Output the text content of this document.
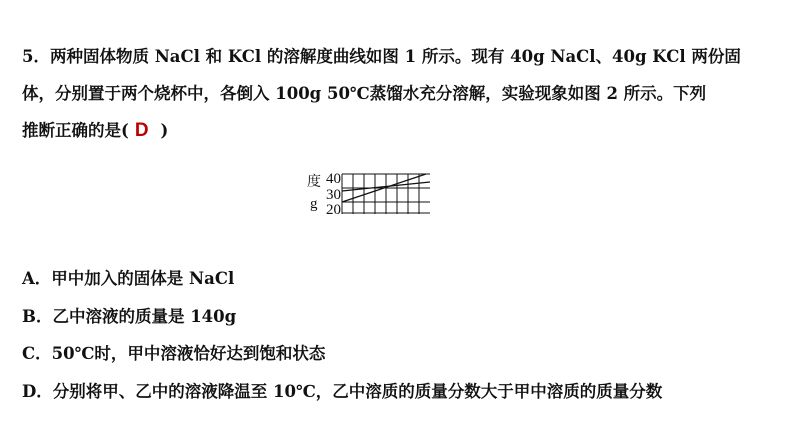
5．两种固体物质 NaCl 和 KCl 的溶解度曲线如图 1 所示。现有 40g NaCl、40g KCl 两份固
体，分别置于两个烧杯中，各倒入 100g 50℃蒸馏水充分溶解，实验现象如图 2 所示。下列
推断正确的是( D )
度
g
40
30
20
A．甲中加入的固体是 NaCl
B．乙中溶液的质量是 140g
C．50℃时，甲中溶液恰好达到饱和状态
D．分别将甲、乙中的溶液降温至 10℃，乙中溶质的质量分数大于甲中溶质的质量分数
